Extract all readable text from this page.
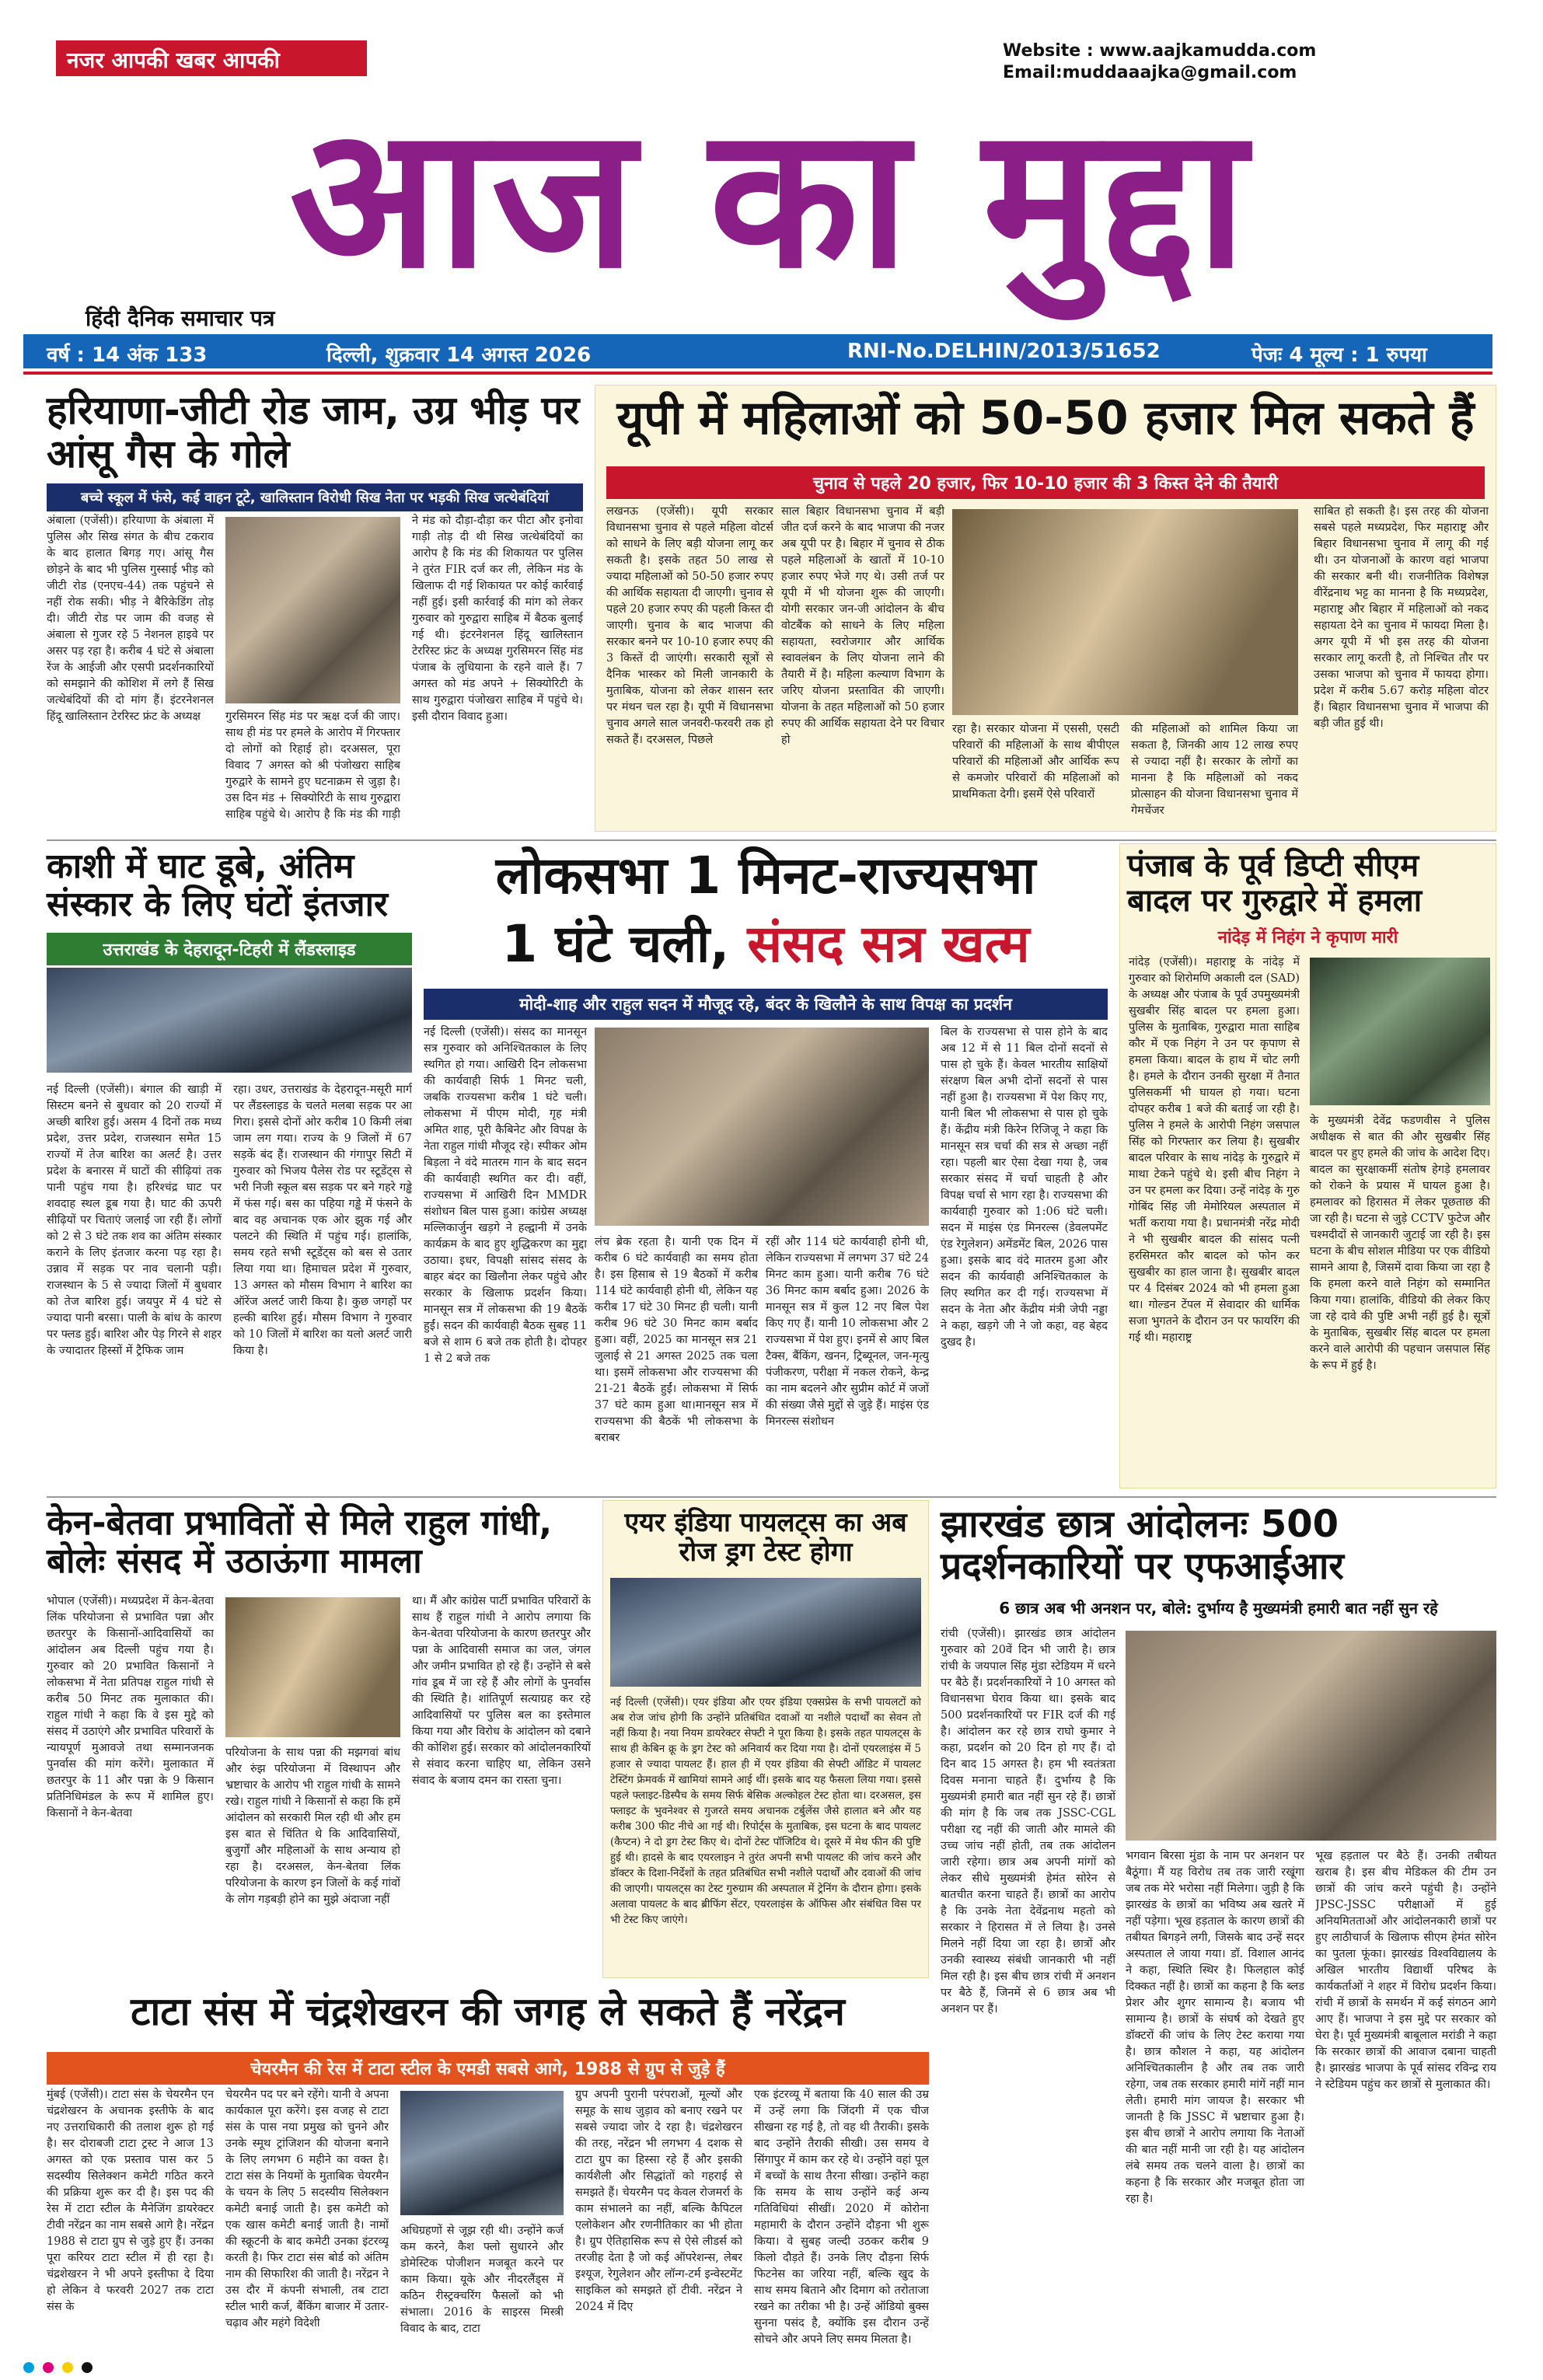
नजर आपकी खबर आपकी	Website : www.aajkamudda.com
Email:muddaaajka@gmail.com
आज का मुद्दा
हिंदी दैनिक समाचार पत्र
वर्ष : 14 अंक 133	दिल्ली, शुक्रवार 14 अगस्त 2026	RNI-No.DELHIN/2013/51652	पेजः 4 मूल्य : 1 रुपया
हरियाणा-जीटी रोड जाम, उग्र भीड़ पर आंसू गैस के गोले
बच्चे स्कूल में फंसे, कई वाहन टूटे, खालिस्तान विरोधी सिख नेता पर भड़की सिख जत्थेबंदियां
अंबाला (एजेंसी)। हरियाणा के अंबाला में पुलिस और सिख संगत के बीच टकराव के बाद हालात बिगड़ गए। आंसू गैस छोड़ने के बाद भी पुलिस गुस्साई भीड़ को जीटी रोड (एनएच-44) तक पहुंचने से नहीं रोक सकी। भीड़ ने बैरिकेडिंग तोड़ दी। जीटी रोड पर जाम की वजह से अंबाला से गुजर रहे 5 नेशनल हाइवे पर असर पड़ रहा है। करीब 4 घंटे से अंबाला रेंज के आईजी और एसपी प्रदर्शनकारियों को समझाने की कोशिश में लगे हैं सिख जत्थेबंदियों की दो मांग हैं। इंटरनेशनल हिंदू खालिस्तान टेररिस्ट फ्रंट के अध्यक्ष	गुरसिमरन सिंह मंड पर ऋक्ष दर्ज की जाए। साथ ही मंड पर हमले के आरोप में गिरफ्तार दो लोगों को रिहाई हो। दरअसल, पूरा विवाद 7 अगस्त को श्री पंजोखरा साहिब गुरुद्वारे के सामने हुए घटनाक्रम से जुड़ा है। उस दिन मंड + सिक्योरिटी के साथ गुरुद्वारा साहिब पहुंचे थे। आरोप है कि मंड की गाड़ी
ने मंड को दौड़ा-दौड़ा कर पीटा और इनोवा गाड़ी तोड़ दी थी सिख जत्थेबंदियों का आरोप है कि मंड की शिकायत पर पुलिस ने तुरंत FIR दर्ज कर ली, लेकिन मंड के खिलाफ दी गई शिकायत पर कोई कार्रवाई नहीं हुई। इसी कार्रवाई की मांग को लेकर गुरुवार को गुरुद्वारा साहिब में बैठक बुलाई गई थी। इंटरनेशनल हिंदू खालिस्तान टेररिस्ट फ्रंट के अध्यक्ष गुरसिमरन सिंह मंड पंजाब के लुधियाना के रहने वाले हैं। 7 अगस्त को मंड अपने + सिक्योरिटी के साथ गुरुद्वारा पंजोखरा साहिब में पहुंचे थे। इसी दौरान विवाद हुआ।
यूपी में महिलाओं को 50-50 हजार मिल सकते हैं
चुनाव से पहले 20 हजार, फिर 10-10 हजार की 3 किस्त देने की तैयारी
लखनऊ (एजेंसी)। यूपी सरकार विधानसभा चुनाव से पहले महिला वोटर्स को साधने के लिए बड़ी योजना लागू कर सकती है। इसके तहत 50 लाख से ज्यादा महिलाओं को 50-50 हजार रुपए की आर्थिक सहायता दी जाएगी। चुनाव से पहले 20 हजार रुपए की पहली किस्त दी जाएगी। चुनाव के बाद भाजपा की सरकार बनने पर 10-10 हजार रुपए की 3 किस्तें दी जाएंगी। सरकारी सूत्रों से दैनिक भास्कर को मिली जानकारी के मुताबिक, योजना को लेकर शासन स्तर पर मंथन चल रहा है। यूपी में विधानसभा चुनाव अगले साल जनवरी-फरवरी तक हो सकते हैं। दरअसल, पिछले
साल बिहार विधानसभा चुनाव में बड़ी जीत दर्ज करने के बाद भाजपा की नजर अब यूपी पर है। बिहार में चुनाव से ठीक पहले महिलाओं के खातों में 10-10 हजार रुपए भेजे गए थे। उसी तर्ज पर यूपी में भी योजना शुरू की जाएगी। योगी सरकार जन-जी आंदोलन के बीच वोटबैंक को साधने के लिए महिला सहायता, स्वरोजगार और आर्थिक स्वावलंबन के लिए योजना लाने की तैयारी में है। महिला कल्याण विभाग के जरिए योजना प्रस्तावित की जाएगी। योजना के तहत महिलाओं को 50 हजार रुपए की आर्थिक सहायता देने पर विचार हो
रहा है। सरकार योजना में एससी, एसटी परिवारों की महिलाओं के साथ बीपीएल परिवारों की महिलाओं और आर्थिक रूप से कमजोर परिवारों की महिलाओं को प्राथमिकता देगी। इसमें ऐसे परिवारों
की महिलाओं को शामिल किया जा सकता है, जिनकी आय 12 लाख रुपए से ज्यादा नहीं है। सरकार के लोगों का मानना है कि महिलाओं को नकद प्रोत्साहन की योजना विधानसभा चुनाव में गेमचेंजर
साबित हो सकती है। इस तरह की योजना सबसे पहले मध्यप्रदेश, फिर महाराष्ट्र और बिहार विधानसभा चुनाव में लागू की गई थी। उन योजनाओं के कारण वहां भाजपा की सरकार बनी थी। राजनीतिक विशेषज्ञ वीरेंद्रनाथ भट्ट का मानना है कि मध्यप्रदेश, महाराष्ट्र और बिहार में महिलाओं को नकद सहायता देने का चुनाव में फायदा मिला है। अगर यूपी में भी इस तरह की योजना सरकार लागू करती है, तो निश्चित तौर पर उसका भाजपा को चुनाव में फायदा होगा। प्रदेश में करीब 5.67 करोड़ महिला वोटर हैं। बिहार विधानसभा चुनाव में भाजपा की बड़ी जीत हुई थी।
काशी में घाट डूबे, अंतिम संस्कार के लिए घंटों इंतजार
उत्तराखंड के देहरादून-टिहरी में लैंडस्लाइड
नई दिल्ली (एजेंसी)। बंगाल की खाड़ी में सिस्टम बनने से बुधवार को 20 राज्यों में अच्छी बारिश हुई। असम 4 दिनों तक मध्य प्रदेश, उत्तर प्रदेश, राजस्थान समेत 15 राज्यों में तेज बारिश का अलर्ट है। उत्तर प्रदेश के बनारस में घाटों की सीढ़ियां तक पानी पहुंच गया है। हरिश्चंद्र घाट पर शवदाह स्थल डूब गया है। घाट की ऊपरी सीढ़ियों पर चिताएं जलाई जा रही हैं। लोगों को 2 से 3 घंटे तक शव का अंतिम संस्कार कराने के लिए इंतजार करना पड़ रहा है। उन्नाव में सड़क पर नाव चलानी पड़ी। राजस्थान के 5 से ज्यादा जिलों में बुधवार को तेज बारिश हुई। जयपुर में 4 घंटे से ज्यादा पानी बरसा। पाली के बांध के कारण पर फ्लड हुई। बारिश और पेड़ गिरने से शहर के ज्यादातर हिस्सों में ट्रैफिक जाम
रहा। उधर, उत्तराखंड के देहरादून-मसूरी मार्ग पर लैंडस्लाइड के चलते मलबा सड़क पर आ गिरा। इससे दोनों ओर करीब 10 किमी लंबा जाम लग गया। राज्य के 9 जिलों में 67 सड़कें बंद हैं। राजस्थान की गंगापुर सिटी में गुरुवार को भिजय पैलेस रोड पर स्टूडेंट्स से भरी निजी स्कूल बस सड़क पर बने गहरे गड्ढे में फंस गई। बस का पहिया गड्ढे में फंसने के बाद वह अचानक एक ओर झुक गई और पलटने की स्थिति में पहुंच गई। हालांकि, समय रहते सभी स्टूडेंट्स को बस से उतार लिया गया था। हिमाचल प्रदेश में गुरुवार, 13 अगस्त को मौसम विभाग ने बारिश का ऑरेंज अलर्ट जारी किया है। कुछ जगहों पर हल्की बारिश हुई। मौसम विभाग ने गुरुवार को 10 जिलों में बारिश का यलो अलर्ट जारी किया है।
लोकसभा 1 मिनट-राज्यसभा
1 घंटे चली, संसद सत्र खत्म
मोदी-शाह और राहुल सदन में मौजूद रहे, बंदर के खिलौने के साथ विपक्ष का प्रदर्शन
नई दिल्ली (एजेंसी)। संसद का मानसून सत्र गुरुवार को अनिश्चितकाल के लिए स्थगित हो गया। आखिरी दिन लोकसभा की कार्यवाही सिर्फ 1 मिनट चली, जबकि राज्यसभा करीब 1 घंटे चली। लोकसभा में पीएम मोदी, गृह मंत्री अमित शाह, पूरी कैबिनेट और विपक्ष के नेता राहुल गांधी मौजूद रहे। स्पीकर ओम बिड़ला ने वंदे मातरम गान के बाद सदन की कार्यवाही स्थगित कर दी। वहीं, राज्यसभा में आखिरी दिन MMDR संशोधन बिल पास हुआ। कांग्रेस अध्यक्ष मल्लिकार्जुन खड़गे ने हल्द्वानी में उनके कार्यक्रम के बाद हुए शुद्धिकरण का मुद्दा उठाया। इधर, विपक्षी सांसद संसद के बाहर बंदर का खिलौना लेकर पहुंचे और सरकार के खिलाफ प्रदर्शन किया। मानसून सत्र में लोकसभा की 19 बैठकें हुईं। सदन की कार्यवाही बैठक सुबह 11 बजे से शाम 6 बजे तक होती है। दोपहर 1 से 2 बजे तक
लंच ब्रेक रहता है। यानी एक दिन में करीब 6 घंटे कार्यवाही का समय होता है। इस हिसाब से 19 बैठकों में करीब 114 घंटे कार्यवाही होनी थी, लेकिन यह करीब 17 घंटे 30 मिनट ही चली। यानी करीब 96 घंटे 30 मिनट काम बर्बाद हुआ। वहीं, 2025 का मानसून सत्र 21 जुलाई से 21 अगस्त 2025 तक चला था। इसमें लोकसभा और राज्यसभा की 21-21 बैठकें हुईं। लोकसभा में सिर्फ 37 घंटे काम हुआ था।मानसून सत्र में राज्यसभा की बैठकें भी लोकसभा के बराबर
रहीं और 114 घंटे कार्यवाही होनी थी, लेकिन राज्यसभा में लगभग 37 घंटे 24 मिनट काम हुआ। यानी करीब 76 घंटे 36 मिनट काम बर्बाद हुआ। 2026 के मानसून सत्र में कुल 12 नए बिल पेश किए गए हैं। यानी 10 लोकसभा और 2 राज्यसभा में पेश हुए। इनमें से आए बिल टैक्स, बैंकिंग, खनन, ट्रिब्यूनल, जन-मृत्यु पंजीकरण, परीक्षा में नकल रोकने, केन्द्र का नाम बदलने और सुप्रीम कोर्ट में जजों की संख्या जैसे मुद्दों से जुड़े हैं। माइंस एंड मिनरल्स संशोधन
बिल के राज्यसभा से पास होने के बाद अब 12 में से 11 बिल दोनों सदनों से पास हो चुके हैं। केवल भारतीय साक्षियों संरक्षण बिल अभी दोनों सदनों से पास नहीं हुआ है। राज्यसभा में पेश किए गए, यानी बिल भी लोकसभा से पास हो चुके हैं। केंद्रीय मंत्री किरेन रिजिजू ने कहा कि मानसून सत्र चर्चा की सत्र से अच्छा नहीं रहा। पहली बार ऐसा देखा गया है, जब सरकार संसद में चर्चा चाहती है और विपक्ष चर्चा से भाग रहा है। राज्यसभा की कार्यवाही गुरुवार को 1:06 घंटे चली। सदन में माइंस एंड मिनरल्स (डेवलपमेंट एंड रेगुलेशन) अमेंडमेंट बिल, 2026 पास हुआ। इसके बाद वंदे मातरम हुआ और सदन की कार्यवाही अनिश्चितकाल के लिए स्थगित कर दी गई। राज्यसभा में सदन के नेता और केंद्रीय मंत्री जेपी नड्डा ने कहा, खड़गे जी ने जो कहा, वह बेहद दुखद है।
पंजाब के पूर्व डिप्टी सीएम बादल पर गुरुद्वारे में हमला
नांदेड़ में निहंग ने कृपाण मारी
नांदेड़ (एजेंसी)। महाराष्ट्र के नांदेड़ में गुरुवार को शिरोमणि अकाली दल (SAD) के अध्यक्ष और पंजाब के पूर्व उपमुख्यमंत्री सुखबीर सिंह बादल पर हमला हुआ। पुलिस के मुताबिक, गुरुद्वारा माता साहिब कौर में एक निहंग ने उन पर कृपाण से हमला किया। बादल के हाथ में चोट लगी है। हमले के दौरान उनकी सुरक्षा में तैनात पुलिसकर्मी भी घायल हो गया। घटना दोपहर करीब 1 बजे की बताई जा रही है। पुलिस ने हमले के आरोपी निहंग जसपाल सिंह को गिरफ्तार कर लिया है। सुखबीर बादल परिवार के साथ नांदेड़ के गुरुद्वारे में माथा टेकने पहुंचे थे। इसी बीच निहंग ने उन पर हमला कर दिया। उन्हें नांदेड़ के गुरु गोबिंद सिंह जी मेमोरियल अस्पताल में भर्ती कराया गया है। प्रधानमंत्री नरेंद्र मोदी ने भी सुखबीर बादल की सांसद पत्नी हरसिमरत कौर बादल को फोन कर सुखबीर का हाल जाना है। सुखबीर बादल पर 4 दिसंबर 2024 को भी हमला हुआ था। गोल्डन टेंपल में सेवादार की धार्मिक सजा भुगतने के दौरान उन पर फायरिंग की गई थी। महाराष्ट्र
के मुख्यमंत्री देवेंद्र फडणवीस ने पुलिस अधीक्षक से बात की और सुखबीर सिंह बादल पर हुए हमले की जांच के आदेश दिए। बादल का सुरक्षाकर्मी संतोष हेगड़े हमलावर को रोकने के प्रयास में घायल हुआ है। हमलावर को हिरासत में लेकर पूछताछ की जा रही है। घटना से जुड़े CCTV फुटेज और चश्मदीदों से जानकारी जुटाई जा रही है। इस घटना के बीच सोशल मीडिया पर एक वीडियो सामने आया है, जिसमें दावा किया जा रहा है कि हमला करने वाले निहंग को सम्मानित किया गया। हालांकि, वीडियो की लेकर किए जा रहे दावे की पुष्टि अभी नहीं हुई है। सूत्रों के मुताबिक, सुखबीर सिंह बादल पर हमला करने वाले आरोपी की पहचान जसपाल सिंह के रूप में हुई है।
केन-बेतवा प्रभावितों से मिले राहुल गांधी, बोलेः संसद में उठाऊंगा मामला
भोपाल (एजेंसी)। मध्यप्रदेश में केन-बेतवा लिंक परियोजना से प्रभावित पन्ना और छतरपुर के किसानों-आदिवासियों का आंदोलन अब दिल्ली पहुंच गया है। गुरुवार को 20 प्रभावित किसानों ने लोकसभा में नेता प्रतिपक्ष राहुल गांधी से करीब 50 मिनट तक मुलाकात की। राहुल गांधी ने कहा कि वे इस मुद्दे को संसद में उठाएंगे और प्रभावित परिवारों के न्यायपूर्ण मुआवजे तथा सम्मानजनक पुनर्वास की मांग करेंगे। मुलाकात में छतरपुर के 11 और पन्ना के 9 किसान प्रतिनिधिमंडल के रूप में शामिल हुए। किसानों ने केन-बेतवा
परियोजना के साथ पन्ना की मझगवां बांध और रुंझ परियोजना में विस्थापन और भ्रष्टाचार के आरोप भी राहुल गांधी के सामने रखे। राहुल गांधी ने किसानों से कहा कि हमें आंदोलन को सरकारी मिल रही थी और हम इस बात से चिंतित थे कि आदिवासियों, बुजुर्गों और महिलाओं के साथ अन्याय हो रहा है। दरअसल, केन-बेतवा लिंक परियोजना के कारण इन जिलों के कई गांवों के लोग गड़बड़ी होने का मुझे अंदाजा नहीं
था। मैं और कांग्रेस पार्टी प्रभावित परिवारों के साथ हैं राहुल गांधी ने आरोप लगाया कि केन-बेतवा परियोजना के कारण छतरपुर और पन्ना के आदिवासी समाज का जल, जंगल और जमीन प्रभावित हो रहे हैं। उन्होंने से बसे गांव डूब में जा रहे हैं और लोगों के पुनर्वास की स्थिति है। शांतिपूर्ण सत्याग्रह कर रहे आदिवासियों पर पुलिस बल का इस्तेमाल किया गया और विरोध के आंदोलन को दबाने की कोशिश हुई। सरकार को आंदोलनकारियों से संवाद करना चाहिए था, लेकिन उसने संवाद के बजाय दमन का रास्ता चुना।
एयर इंडिया पायलट्स का अब रोज ड्रग टेस्ट होगा
नई दिल्ली (एजेंसी)। एयर इंडिया और एयर इंडिया एक्सप्रेस के सभी पायलटों को अब रोज जांच होगी कि उन्होंने प्रतिबंधित दवाओं या नशीले पदार्थों का सेवन तो नहीं किया है। नया नियम डायरेक्टर सेफ्टी ने पूरा किया है। इसके तहत पायलट्स के साथ ही केबिन क्रू के ड्रग टेस्ट को अनिवार्य कर दिया गया है। दोनों एयरलाइंस में 5 हजार से ज्यादा पायलट हैं। हाल ही में एयर इंडिया की सेफ्टी ऑडिट में पायलट टेस्टिंग फ्रेमवर्क में खामियां सामने आई थीं। इसके बाद यह फैसला लिया गया। इससे पहले फ्लाइट-डिस्पैच के समय सिर्फ बेसिक अल्कोहल टेस्ट होता था। दरअसल, इस फ्लाइट के भुवनेश्वर से गुजरते समय अचानक टर्बुलेंस जैसे हालात बने और यह करीब 300 फीट नीचे आ गई थी। रिपोर्ट्स के मुताबिक, इस घटना के बाद पायलट (कैप्टन) ने दो ड्रग टेस्ट किए थे। दोनों टेस्ट पॉजिटिव थे। दूसरे में मेथ फीन की पुष्टि हुई थी। हादसे के बाद एयरलाइन ने तुरंत अपनी सभी पायलट की जांच करने और डॉक्टर के दिशा-निर्देशों के तहत प्रतिबंधित सभी नशीले पदार्थों और दवाओं की जांच की जाएगी। पायलट्स का टेस्ट गुरुग्राम की अस्पताल में ट्रेनिंग के दौरान होगा। इसके अलावा पायलट के बाद ब्रीफिंग सेंटर, एयरलाइंस के ऑफिस और संबंधित विस पर भी टेस्ट किए जाएंगे।
झारखंड छात्र आंदोलनः 500 प्रदर्शनकारियों पर एफआईआर
6 छात्र अब भी अनशन पर, बोले: दुर्भाग्य है मुख्यमंत्री हमारी बात नहीं सुन रहे
रांची (एजेंसी)। झारखंड छात्र आंदोलन गुरुवार को 20वें दिन भी जारी है। छात्र रांची के जयपाल सिंह मुंडा स्टेडियम में धरने पर बैठे हैं। प्रदर्शनकारियों ने 10 अगस्त को विधानसभा घेराव किया था। इसके बाद 500 प्रदर्शनकारियों पर FIR दर्ज की गई है। आंदोलन कर रहे छात्र राघो कुमार ने कहा, प्रदर्शन को 20 दिन हो गए हैं। दो दिन बाद 15 अगस्त है। हम भी स्वतंत्रता दिवस मनाना चाहते हैं। दुर्भाग्य है कि मुख्यमंत्री हमारी बात नहीं सुन रहे हैं। छात्रों की मांग है कि जब तक JSSC-CGL परीक्षा रद्द नहीं की जाती और मामले की उच्च जांच नहीं होती, तब तक आंदोलन जारी रहेगा। छात्र अब अपनी मांगों को लेकर सीधे मुख्यमंत्री हेमंत सोरेन से बातचीत करना चाहते हैं। छात्रों का आरोप है कि उनके नेता देवेंद्रनाथ महतो को सरकार ने हिरासत में ले लिया है। उनसे मिलने नहीं दिया जा रहा है। छात्रों और उनकी स्वास्थ्य संबंधी जानकारी भी नहीं मिल रही है। इस बीच छात्र रांची में अनशन पर बैठे हैं, जिनमें से 6 छात्र अब भी अनशन पर हैं।
भगवान बिरसा मुंडा के नाम पर अनशन पर बैठूंगा। मैं यह विरोध तब तक जारी रखूंगा जब तक मेरे भरोसा नहीं मिलेगा। जुड़ी है कि झारखंड के छात्रों का भविष्य अब खतरे में नहीं पड़ेगा। भूख हड़ताल के कारण छात्रों की तबीयत बिगड़ने लगी, जिसके बाद उन्हें सदर अस्पताल ले जाया गया। डॉ. विशाल आनंद ने कहा, स्थिति स्थिर है। फिलहाल कोई दिक्कत नहीं है। छात्रों का कहना है कि ब्लड प्रेशर और शुगर सामान्य है। बजाय भी सामान्य है। छात्रों के संघर्ष को देखते हुए डॉक्टरों की जांच के लिए टेस्ट कराया गया है। छात्र कौशल ने कहा, यह आंदोलन अनिश्चितकालीन है और तब तक जारी रहेगा, जब तक सरकार हमारी मांगें नहीं मान लेती। हमारी मांग जायज है। सरकार भी जानती है कि JSSC में भ्रष्टाचार हुआ है। इस बीच छात्रों ने आरोप लगाया कि नेताओं की बात नहीं मानी जा रही है। यह आंदोलन लंबे समय तक चलने वाला है। छात्रों का कहना है कि सरकार और मजबूत होता जा रहा है।
भूख हड़ताल पर बैठे हैं। उनकी तबीयत खराब है। इस बीच मेडिकल की टीम उन छात्रों की जांच करने पहुंची है। उन्होंने JPSC-JSSC परीक्षाओं में हुई अनियमितताओं और आंदोलनकारी छात्रों पर हुए लाठीचार्ज के खिलाफ सीएम हेमंत सोरेन का पुतला फूंका। झारखंड विश्वविद्यालय के अखिल भारतीय विद्यार्थी परिषद के कार्यकर्ताओं ने शहर में विरोध प्रदर्शन किया। रांची में छात्रों के समर्थन में कई संगठन आगे आए हैं। भाजपा ने इस मुद्दे पर सरकार को घेरा है। पूर्व मुख्यमंत्री बाबूलाल मरांडी ने कहा कि सरकार छात्रों की आवाज दबाना चाहती है। झारखंड भाजपा के पूर्व सांसद रविन्द्र राय ने स्टेडियम पहुंच कर छात्रों से मुलाकात की।
टाटा संस में चंद्रशेखरन की जगह ले सकते हैं नरेंद्रन
चेयरमैन की रेस में टाटा स्टील के एमडी सबसे आगे, 1988 से ग्रुप से जुड़े हैं
मुंबई (एजेंसी)। टाटा संस के चेयरमैन एन चंद्रशेखरन के अचानक इस्तीफे के बाद नए उत्तराधिकारी की तलाश शुरू हो गई है। सर दोराबजी टाटा ट्रस्ट ने आज 13 अगस्त को एक प्रस्ताव पास कर 5 सदस्यीय सिलेक्शन कमेटी गठित करने की प्रक्रिया शुरू कर दी है। इस पद की रेस में टाटा स्टील के मैनेजिंग डायरेक्टर टीवी नरेंद्रन का नाम सबसे आगे है। नरेंद्रन 1988 से टाटा ग्रुप से जुड़े हुए हैं। उनका पूरा करियर टाटा स्टील में ही रहा है। चंद्रशेखरन ने भी अपने इस्तीफा दे दिया हो लेकिन वे फरवरी 2027 तक टाटा संस के
चेयरमैन पद पर बने रहेंगे। यानी वे अपना कार्यकाल पूरा करेंगे। इस वजह से टाटा संस के पास नया प्रमुख को चुनने और उनके स्मूथ ट्रांजिशन की योजना बनाने के लिए लगभग 6 महीने का वक्त है। टाटा संस के नियमों के मुताबिक चेयरमैन के चयन के लिए 5 सदस्यीय सिलेक्शन कमेटी बनाई जाती है। इस कमेटी को एक खास कमेटी बनाई जाती है। नामों की स्क्रूटनी के बाद कमेटी उनका इंटरव्यू करती है। फिर टाटा संस बोर्ड को अंतिम नाम की सिफारिश की जाती है। नरेंद्रन ने उस दौर में कंपनी संभाली, तब टाटा स्टील भारी कर्ज, बैंकिंग बाजार में उतार-चढ़ाव और महंगे विदेशी
अधिग्रहणों से जूझ रही थी। उन्होंने कर्ज कम करने, कैश फ्लो सुधारने और डोमेस्टिक पोजीशन मजबूत करने पर काम किया। यूके और नीदरलैंड्स में कठिन रीस्ट्रक्चरिंग फैसलों को भी संभाला। 2016 के साइरस मिस्त्री विवाद के बाद, टाटा
ग्रुप अपनी पुरानी परंपराओं, मूल्यों और समूह के साथ जुड़ाव को बनाए रखने पर सबसे ज्यादा जोर दे रहा है। चंद्रशेखरन की तरह, नरेंद्रन भी लगभग 4 दशक से टाटा ग्रुप का हिस्सा रहे हैं और इसकी कार्यशैली और सिद्धांतों को गहराई से समझते हैं। चेयरमैन पद केवल रोजमर्रा के काम संभालने का नहीं, बल्कि कैपिटल एलोकेशन और रणनीतिकार का भी होता है। ग्रुप ऐतिहासिक रूप से ऐसे लीडर्स को तरजीह देता है जो कई ऑपरेशन्स, लेबर इश्यूज, रेगुलेशन और लॉन्ग-टर्म इन्वेस्टमेंट साइकिल को समझते हों टीवी. नरेंद्रन ने 2024 में दिए
एक इंटरव्यू में बताया कि 40 साल की उम्र में उन्हें लगा कि जिंदगी में एक चीज सीखना रह गई है, तो वह थी तैराकी। इसके बाद उन्होंने तैराकी सीखी। उस समय वे सिंगापुर में काम कर रहे थे। उन्होंने वहां पूल में बच्चों के साथ तैरना सीखा। उन्होंने कहा कि समय के साथ उन्होंने कई अन्य गतिविधियां सीखीं। 2020 में कोरोना महामारी के दौरान उन्होंने दौड़ना भी शुरू किया। वे सुबह जल्दी उठकर करीब 9 किलो दौड़ते हैं। उनके लिए दौड़ना सिर्फ फिटनेस का जरिया नहीं, बल्कि खुद के साथ समय बिताने और दिमाग को तरोताजा रखने का तरीका भी है। उन्हें ऑडियो बुक्स सुनना पसंद है, क्योंकि इस दौरान उन्हें सोचने और अपने लिए समय मिलता है।
